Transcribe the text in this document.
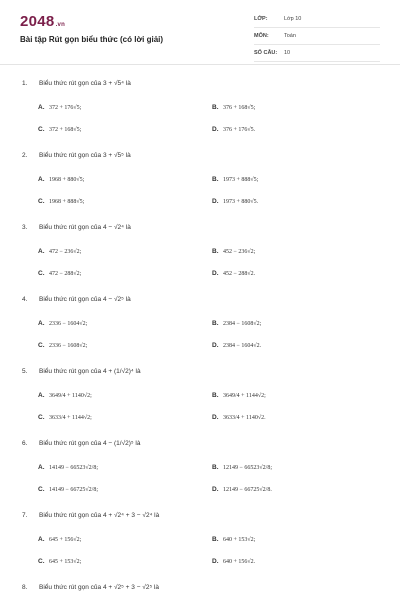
2048.vn
Bài tập Rút gọn biểu thức (có lời giải)
LỚP:	Lớp 10
MÔN:	Toán
SỐ CÂU: 10
1. Biểu thức rút gọn của 3 + √5⁴ là
A. 372 + 176√5;	B. 376 + 168√5;
C. 372 + 168√5;	D. 376 + 176√5.
2. Biểu thức rút gọn của 3 + √5⁵ là
A. 1968 + 880√5;	B. 1973 + 888√5;
C. 1968 + 888√5;	D. 1973 + 880√5.
3. Biểu thức rút gọn của 4 − √2⁴ là
A. 472 − 236√2;	B. 452 − 236√2;
C. 472 − 288√2;	D. 452 − 288√2.
4. Biểu thức rút gọn của 4 − √2⁵ là
A. 2336 − 1604√2;	B. 2384 − 1608√2;
C. 2336 − 1608√2;	D. 2384 − 1604√2.
5. Biểu thức rút gọn của 4 + (1/√2)⁴ là
A. 3649/4 + 1140√2;	B. 3649/4 + 1144√2;
C. 3633/4 + 1144√2;	D. 3633/4 + 1140√2.
6. Biểu thức rút gọn của 4 − (1/√2)⁵ là
A. 14149 − 66523√2/8;	B. 12149 − 66523√2/8;
C. 14149 − 66725√2/8;	D. 12149 − 66725√2/8.
7. Biểu thức rút gọn của 4 + √2⁴ + 3 − √2⁴ là
A. 645 + 156√2;	B. 640 + 153√2;
C. 645 + 153√2;	D. 640 + 156√2.
8. Biểu thức rút gọn của 4 + √2⁵ + 3 − √2⁵ là
